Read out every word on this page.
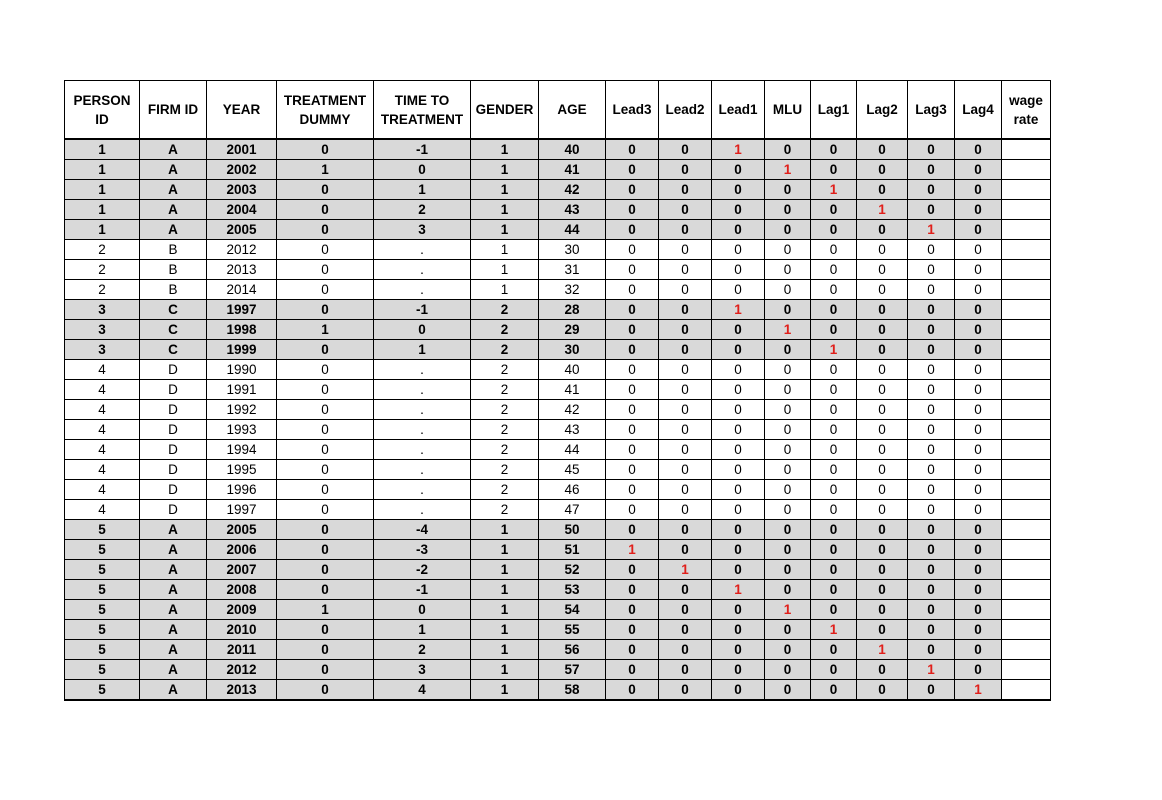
PERSON ID	FIRM ID	YEAR	TREATMENT DUMMY	TIME TO TREATMENT	GENDER	AGE	Lead3	Lead2	Lead1	MLU	Lag1	Lag2	Lag3	Lag4	wage rate
1	A	2001	0	-1	1	40	0	0	1	0	0	0	0	0	
1	A	2002	1	0	1	41	0	0	0	1	0	0	0	0	
1	A	2003	0	1	1	42	0	0	0	0	1	0	0	0	
1	A	2004	0	2	1	43	0	0	0	0	0	1	0	0	
1	A	2005	0	3	1	44	0	0	0	0	0	0	1	0	
2	B	2012	0	.	1	30	0	0	0	0	0	0	0	0	
2	B	2013	0	.	1	31	0	0	0	0	0	0	0	0	
2	B	2014	0	.	1	32	0	0	0	0	0	0	0	0	
3	C	1997	0	-1	2	28	0	0	1	0	0	0	0	0	
3	C	1998	1	0	2	29	0	0	0	1	0	0	0	0	
3	C	1999	0	1	2	30	0	0	0	0	1	0	0	0	
4	D	1990	0	.	2	40	0	0	0	0	0	0	0	0	
4	D	1991	0	.	2	41	0	0	0	0	0	0	0	0	
4	D	1992	0	.	2	42	0	0	0	0	0	0	0	0	
4	D	1993	0	.	2	43	0	0	0	0	0	0	0	0	
4	D	1994	0	.	2	44	0	0	0	0	0	0	0	0	
4	D	1995	0	.	2	45	0	0	0	0	0	0	0	0	
4	D	1996	0	.	2	46	0	0	0	0	0	0	0	0	
4	D	1997	0	.	2	47	0	0	0	0	0	0	0	0	
5	A	2005	0	-4	1	50	0	0	0	0	0	0	0	0	
5	A	2006	0	-3	1	51	1	0	0	0	0	0	0	0	
5	A	2007	0	-2	1	52	0	1	0	0	0	0	0	0	
5	A	2008	0	-1	1	53	0	0	1	0	0	0	0	0	
5	A	2009	1	0	1	54	0	0	0	1	0	0	0	0	
5	A	2010	0	1	1	55	0	0	0	0	1	0	0	0	
5	A	2011	0	2	1	56	0	0	0	0	0	1	0	0	
5	A	2012	0	3	1	57	0	0	0	0	0	0	1	0	
5	A	2013	0	4	1	58	0	0	0	0	0	0	0	1	
